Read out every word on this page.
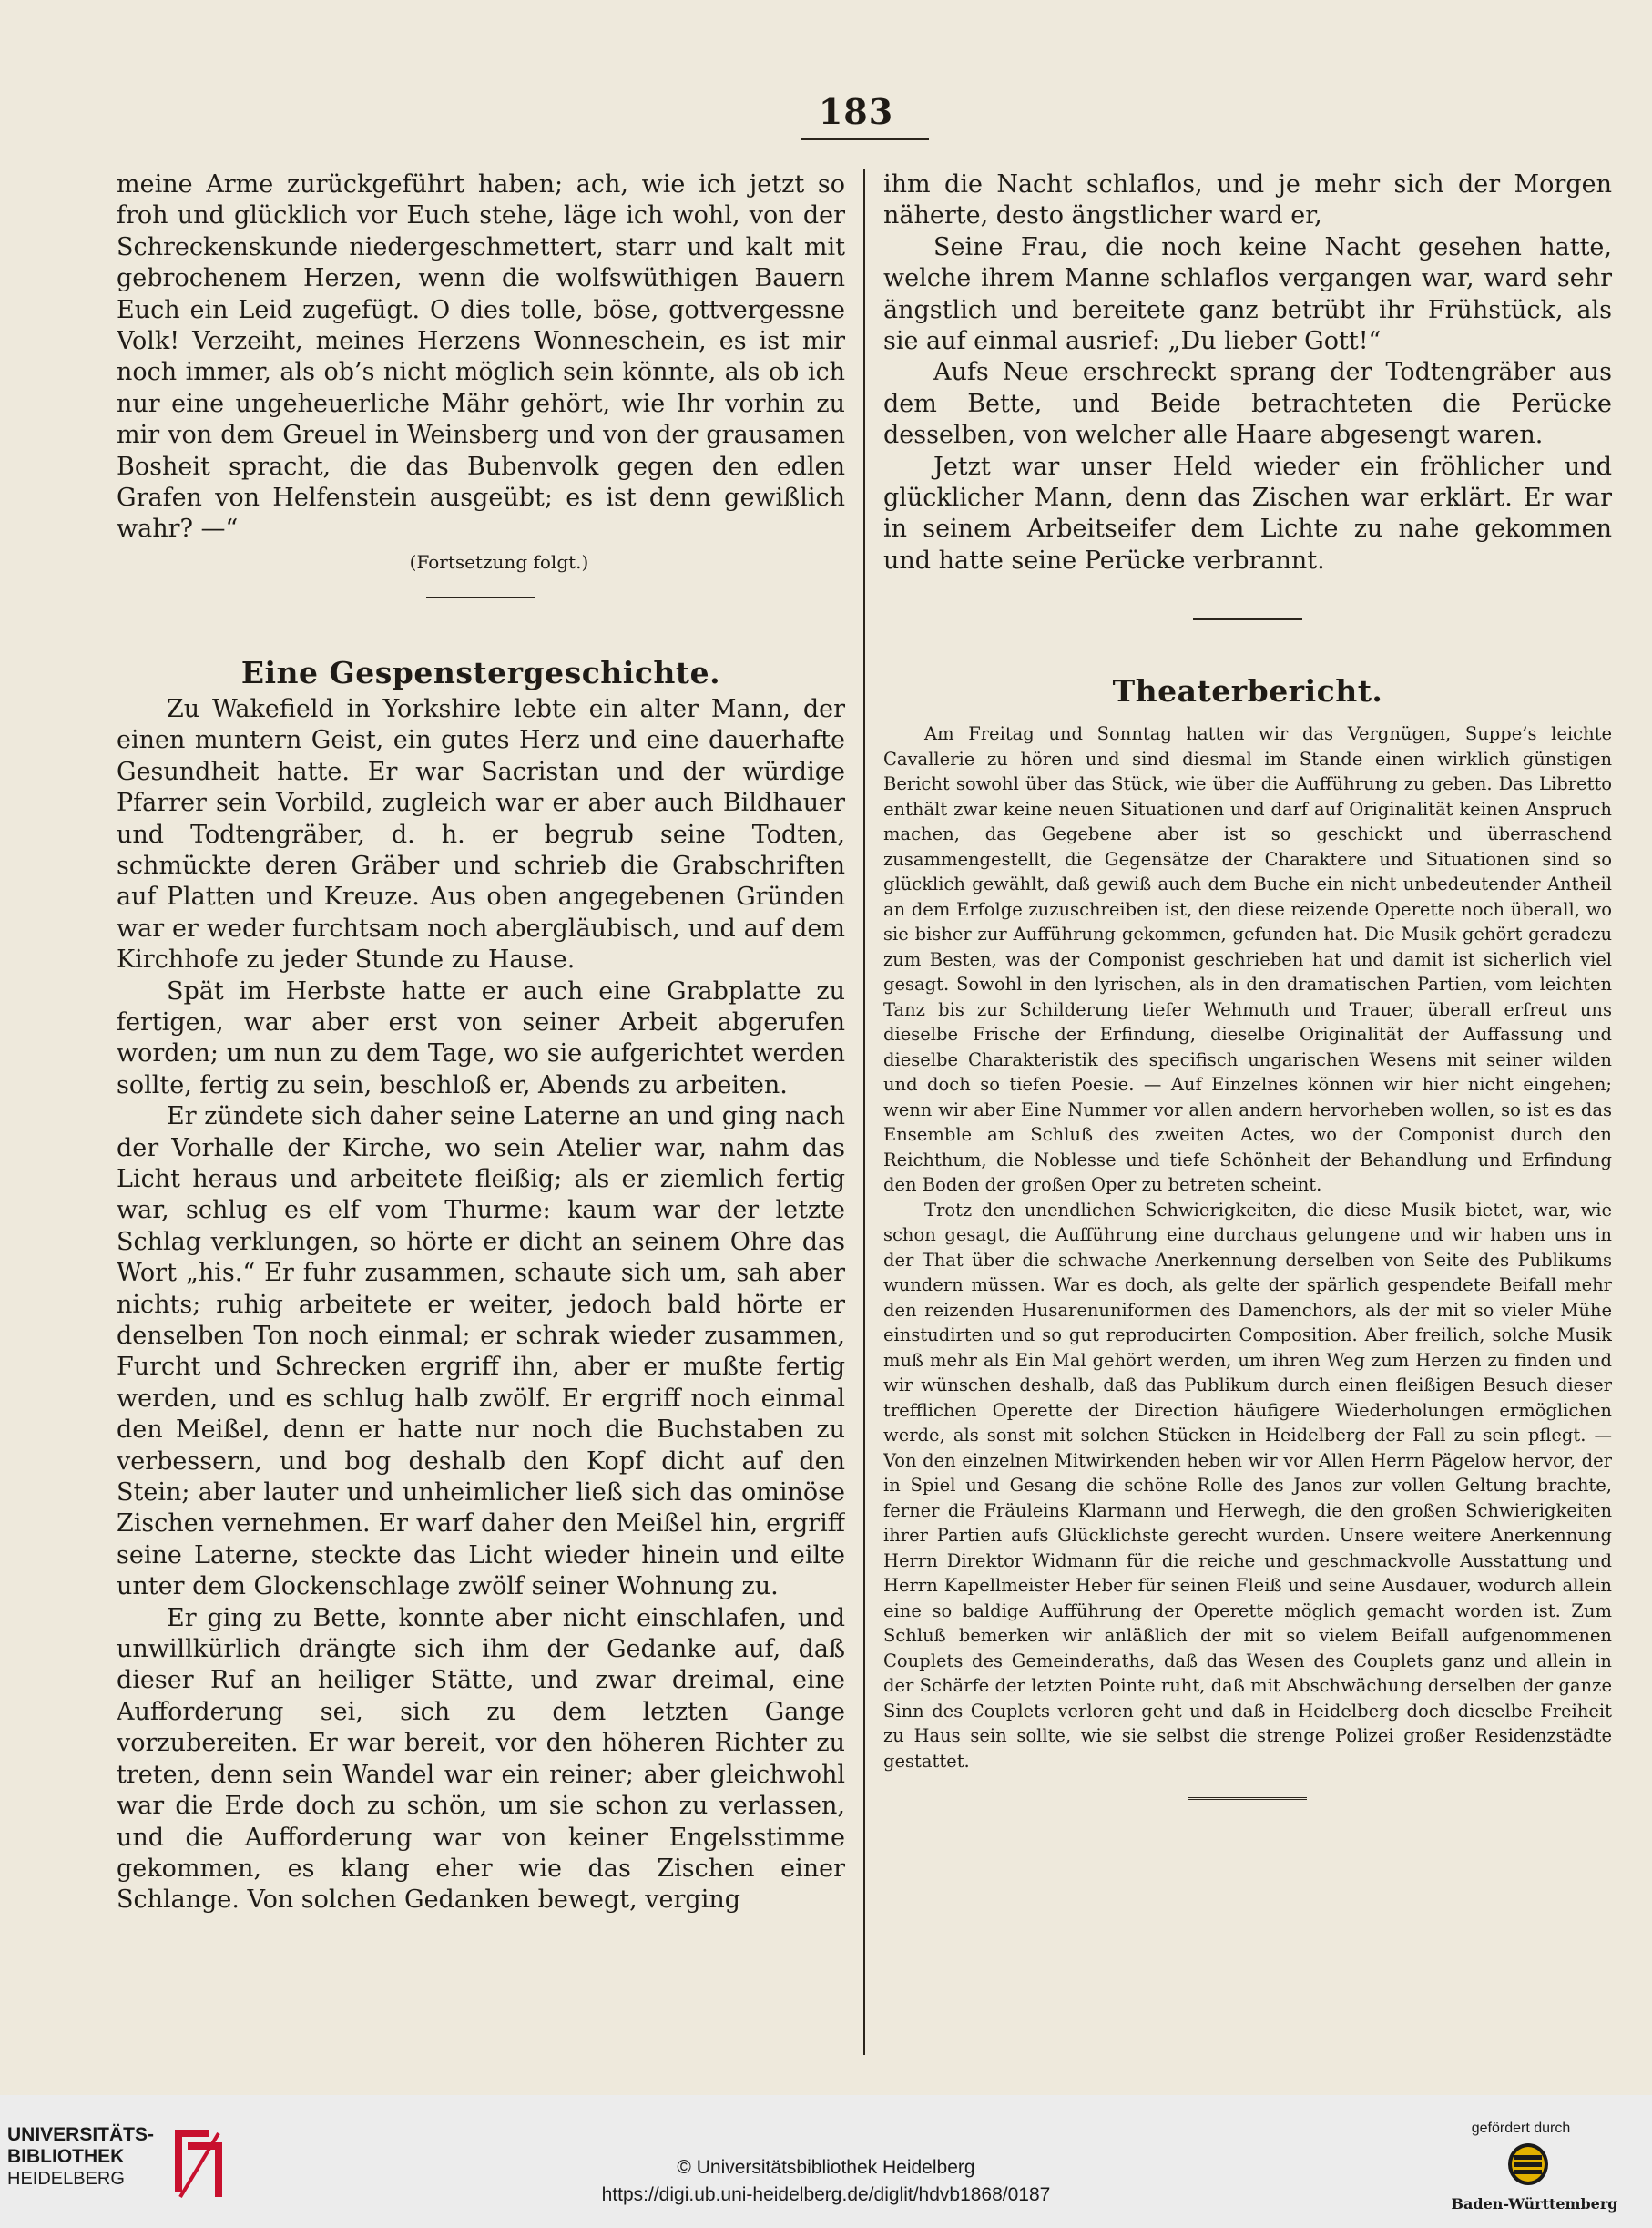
183

meine Arme zurückgeführt haben; ach, wie ich jetzt so froh und glücklich vor Euch stehe, läge ich wohl, von der Schreckenskunde niedergeschmettert, starr und kalt mit gebrochenem Herzen, wenn die wolfswüthigen Bauern Euch ein Leid zugefügt. O dies tolle, böse, gottvergessne Volk! Verzeiht, meines Herzens Wonneschein, es ist mir noch immer, als ob’s nicht möglich sein könnte, als ob ich nur eine ungeheuerliche Mähr gehört, wie Ihr vorhin zu mir von dem Greuel in Weinsberg und von der grausamen Bosheit spracht, die das Bubenvolk gegen den edlen Grafen von Helfenstein ausgeübt; es ist denn gewißlich wahr? —“

(Fortsetzung folgt.)

Eine Gespenstergeschichte.

Zu Wakefield in Yorkshire lebte ein alter Mann, der einen muntern Geist, ein gutes Herz und eine dauerhafte Gesundheit hatte. Er war Sacristan und der würdige Pfarrer sein Vorbild, zugleich war er aber auch Bildhauer und Todtengräber, d. h. er begrub seine Todten, schmückte deren Gräber und schrieb die Grabschriften auf Platten und Kreuze. Aus oben angegebenen Gründen war er weder furchtsam noch abergläubisch, und auf dem Kirchhofe zu jeder Stunde zu Hause.

Spät im Herbste hatte er auch eine Grabplatte zu fertigen, war aber erst von seiner Arbeit abgerufen worden; um nun zu dem Tage, wo sie aufgerichtet werden sollte, fertig zu sein, beschloß er, Abends zu arbeiten.

Er zündete sich daher seine Laterne an und ging nach der Vorhalle der Kirche, wo sein Atelier war, nahm das Licht heraus und arbeitete fleißig; als er ziemlich fertig war, schlug es elf vom Thurme: kaum war der letzte Schlag verklungen, so hörte er dicht an seinem Ohre das Wort „his.“ Er fuhr zusammen, schaute sich um, sah aber nichts; ruhig arbeitete er weiter, jedoch bald hörte er denselben Ton noch einmal; er schrak wieder zusammen, Furcht und Schrecken ergriff ihn, aber er mußte fertig werden, und es schlug halb zwölf. Er ergriff noch einmal den Meißel, denn er hatte nur noch die Buchstaben zu verbessern, und bog deshalb den Kopf dicht auf den Stein; aber lauter und unheimlicher ließ sich das ominöse Zischen vernehmen. Er warf daher den Meißel hin, ergriff seine Laterne, steckte das Licht wieder hinein und eilte unter dem Glockenschlage zwölf seiner Wohnung zu.

Er ging zu Bette, konnte aber nicht einschlafen, und unwillkürlich drängte sich ihm der Gedanke auf, daß dieser Ruf an heiliger Stätte, und zwar dreimal, eine Aufforderung sei, sich zu dem letzten Gange vorzubereiten. Er war bereit, vor den höheren Richter zu treten, denn sein Wandel war ein reiner; aber gleichwohl war die Erde doch zu schön, um sie schon zu verlassen, und die Aufforderung war von keiner Engelsstimme gekommen, es klang eher wie das Zischen einer Schlange. Von solchen Gedanken bewegt, verging

ihm die Nacht schlaflos, und je mehr sich der Morgen näherte, desto ängstlicher ward er,

Seine Frau, die noch keine Nacht gesehen hatte, welche ihrem Manne schlaflos vergangen war, ward sehr ängstlich und bereitete ganz betrübt ihr Frühstück, als sie auf einmal ausrief: „Du lieber Gott!“

Aufs Neue erschreckt sprang der Todtengräber aus dem Bette, und Beide betrachteten die Perücke desselben, von welcher alle Haare abgesengt waren.

Jetzt war unser Held wieder ein fröhlicher und glücklicher Mann, denn das Zischen war erklärt. Er war in seinem Arbeitseifer dem Lichte zu nahe gekommen und hatte seine Perücke verbrannt.

Theaterbericht.

Am Freitag und Sonntag hatten wir das Vergnügen, Suppe’s leichte Cavallerie zu hören und sind diesmal im Stande einen wirklich günstigen Bericht sowohl über das Stück, wie über die Aufführung zu geben. Das Libretto enthält zwar keine neuen Situationen und darf auf Originalität keinen Anspruch machen, das Gegebene aber ist so geschickt und überraschend zusammengestellt, die Gegensätze der Charaktere und Situationen sind so glücklich gewählt, daß gewiß auch dem Buche ein nicht unbedeutender Antheil an dem Erfolge zuzuschreiben ist, den diese reizende Operette noch überall, wo sie bisher zur Aufführung gekommen, gefunden hat. Die Musik gehört geradezu zum Besten, was der Componist geschrieben hat und damit ist sicherlich viel gesagt. Sowohl in den lyrischen, als in den dramatischen Partien, vom leichten Tanz bis zur Schilderung tiefer Wehmuth und Trauer, überall erfreut uns dieselbe Frische der Erfindung, dieselbe Originalität der Auffassung und dieselbe Charakteristik des specifisch ungarischen Wesens mit seiner wilden und doch so tiefen Poesie. — Auf Einzelnes können wir hier nicht eingehen; wenn wir aber Eine Nummer vor allen andern hervorheben wollen, so ist es das Ensemble am Schluß des zweiten Actes, wo der Componist durch den Reichthum, die Noblesse und tiefe Schönheit der Behandlung und Erfindung den Boden der großen Oper zu betreten scheint.

Trotz den unendlichen Schwierigkeiten, die diese Musik bietet, war, wie schon gesagt, die Aufführung eine durchaus gelungene und wir haben uns in der That über die schwache Anerkennung derselben von Seite des Publikums wundern müssen. War es doch, als gelte der spärlich gespendete Beifall mehr den reizenden Husarenuniformen des Damenchors, als der mit so vieler Mühe einstudirten und so gut reproducirten Composition. Aber freilich, solche Musik muß mehr als Ein Mal gehört werden, um ihren Weg zum Herzen zu finden und wir wünschen deshalb, daß das Publikum durch einen fleißigen Besuch dieser trefflichen Operette der Direction häufigere Wiederholungen ermöglichen werde, als sonst mit solchen Stücken in Heidelberg der Fall zu sein pflegt. — Von den einzelnen Mitwirkenden heben wir vor Allen Herrn Pägelow hervor, der in Spiel und Gesang die schöne Rolle des Janos zur vollen Geltung brachte, ferner die Fräuleins Klarmann und Herwegh, die den großen Schwierigkeiten ihrer Partien aufs Glücklichste gerecht wurden. Unsere weitere Anerkennung Herrn Direktor Widmann für die reiche und geschmackvolle Ausstattung und Herrn Kapellmeister Heber für seinen Fleiß und seine Ausdauer, wodurch allein eine so baldige Aufführung der Operette möglich gemacht worden ist. Zum Schluß bemerken wir anläßlich der mit so vielem Beifall aufgenommenen Couplets des Gemeinderaths, daß das Wesen des Couplets ganz und allein in der Schärfe der letzten Pointe ruht, daß mit Abschwächung derselben der ganze Sinn des Couplets verloren geht und daß in Heidelberg doch dieselbe Freiheit zu Haus sein sollte, wie sie selbst die strenge Polizei großer Residenzstädte gestattet.

UNIVERSITÄTS-
BIBLIOTHEK
HEIDELBERG

© Universitätsbibliothek Heidelberg
https://digi.ub.uni-heidelberg.de/diglit/hdvb1868/0187
gefördert durch
Baden-Württemberg
